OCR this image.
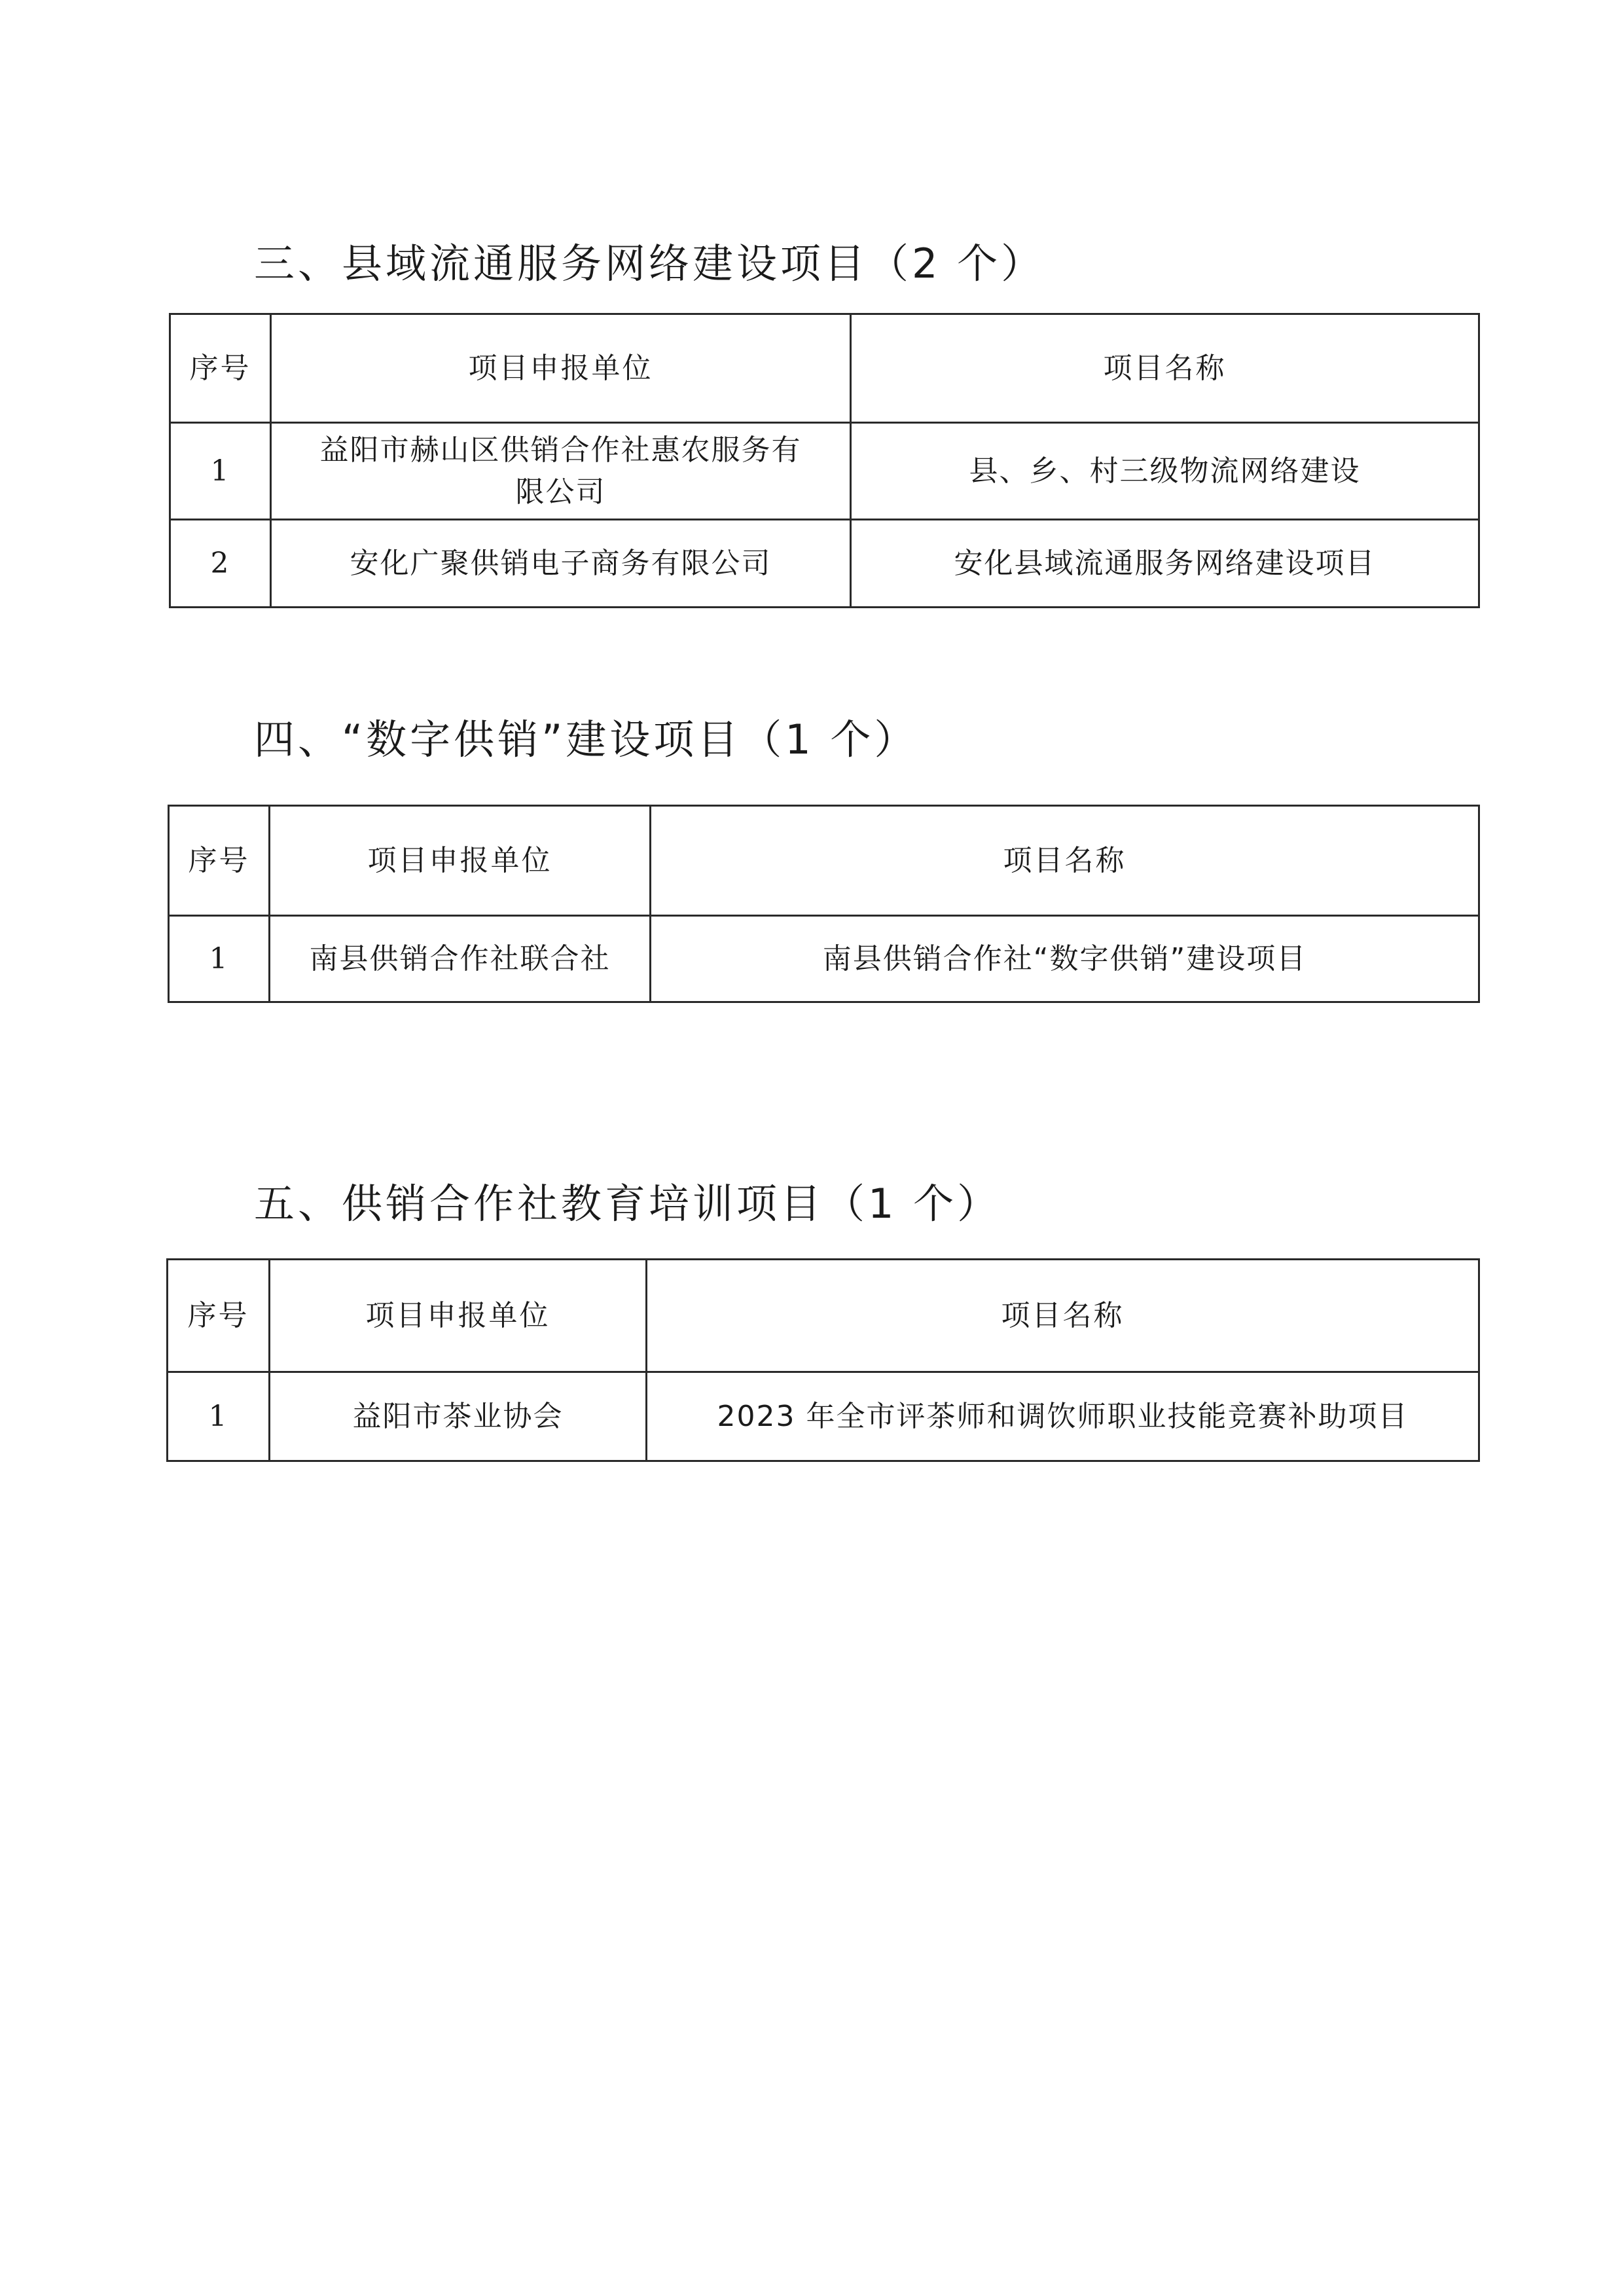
三、县域流通服务网络建设项目（2 个）
序号	项目申报单位	项目名称
1	益阳市赫山区供销合作社惠农服务有限公司	县、乡、村三级物流网络建设
2	安化广聚供销电子商务有限公司	安化县域流通服务网络建设项目
四、“数字供销”建设项目（1 个）
序号	项目申报单位	项目名称
1	南县供销合作社联合社	南县供销合作社“数字供销”建设项目
五、供销合作社教育培训项目（1 个）
序号	项目申报单位	项目名称
1	益阳市茶业协会	2023 年全市评茶师和调饮师职业技能竞赛补助项目
